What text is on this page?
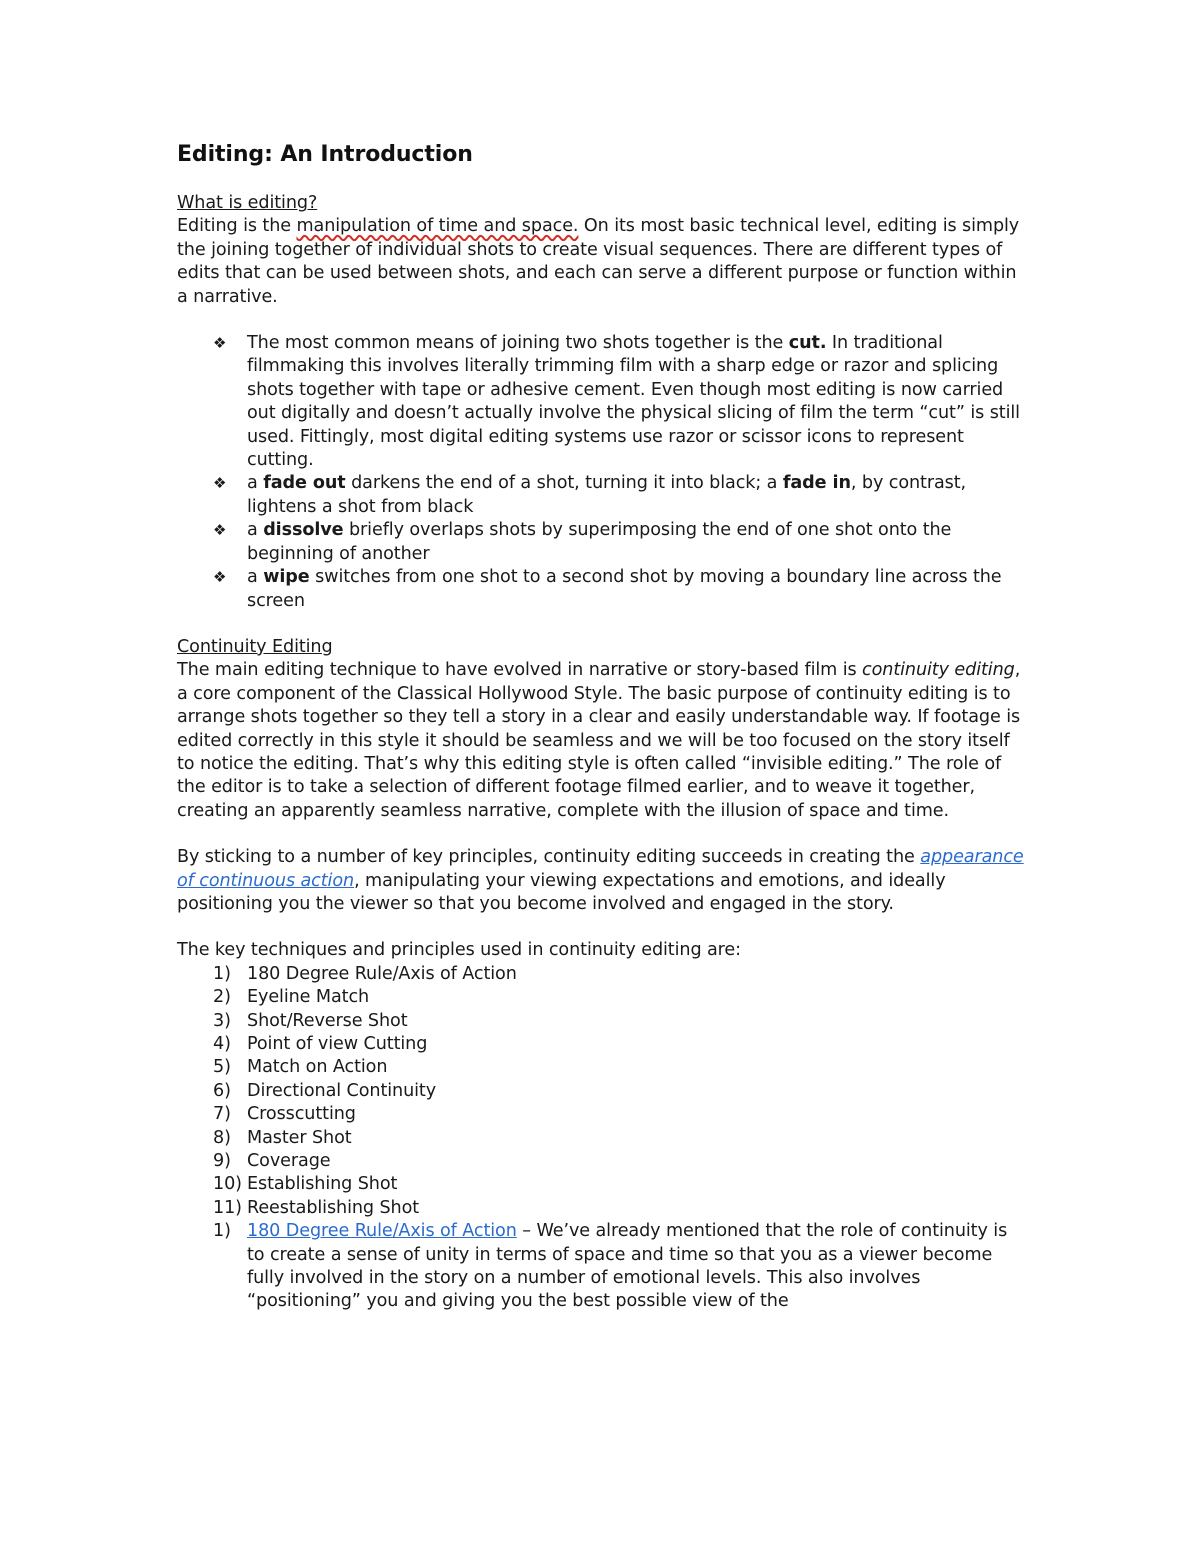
Editing: An Introduction

What is editing?

Editing is the manipulation of time and space. On its most basic technical level, editing is simply the joining together of individual shots to create visual sequences. There are different types of edits that can be used between shots, and each can serve a different purpose or function within a narrative.

❖ The most common means of joining two shots together is the cut. In traditional filmmaking this involves literally trimming film with a sharp edge or razor and splicing shots together with tape or adhesive cement. Even though most editing is now carried out digitally and doesn’t actually involve the physical slicing of film the term “cut” is still used. Fittingly, most digital editing systems use razor or scissor icons to represent cutting.
❖ a fade out darkens the end of a shot, turning it into black; a fade in, by contrast, lightens a shot from black
❖ a dissolve briefly overlaps shots by superimposing the end of one shot onto the beginning of another
❖ a wipe switches from one shot to a second shot by moving a boundary line across the screen

Continuity Editing

The main editing technique to have evolved in narrative or story-based film is continuity editing, a core component of the Classical Hollywood Style. The basic purpose of continuity editing is to arrange shots together so they tell a story in a clear and easily understandable way. If footage is edited correctly in this style it should be seamless and we will be too focused on the story itself to notice the editing. That’s why this editing style is often called “invisible editing.” The role of the editor is to take a selection of different footage filmed earlier, and to weave it together, creating an apparently seamless narrative, complete with the illusion of space and time.

By sticking to a number of key principles, continuity editing succeeds in creating the appearance of continuous action, manipulating your viewing expectations and emotions, and ideally positioning you the viewer so that you become involved and engaged in the story.

The key techniques and principles used in continuity editing are:

1) 180 Degree Rule/Axis of Action
2) Eyeline Match
3) Shot/Reverse Shot
4) Point of view Cutting
5) Match on Action
6) Directional Continuity
7) Crosscutting
8) Master Shot
9) Coverage
10) Establishing Shot
11) Reestablishing Shot
1) 180 Degree Rule/Axis of Action – We’ve already mentioned that the role of continuity is to create a sense of unity in terms of space and time so that you as a viewer become fully involved in the story on a number of emotional levels. This also involves “positioning” you and giving you the best possible view of the
